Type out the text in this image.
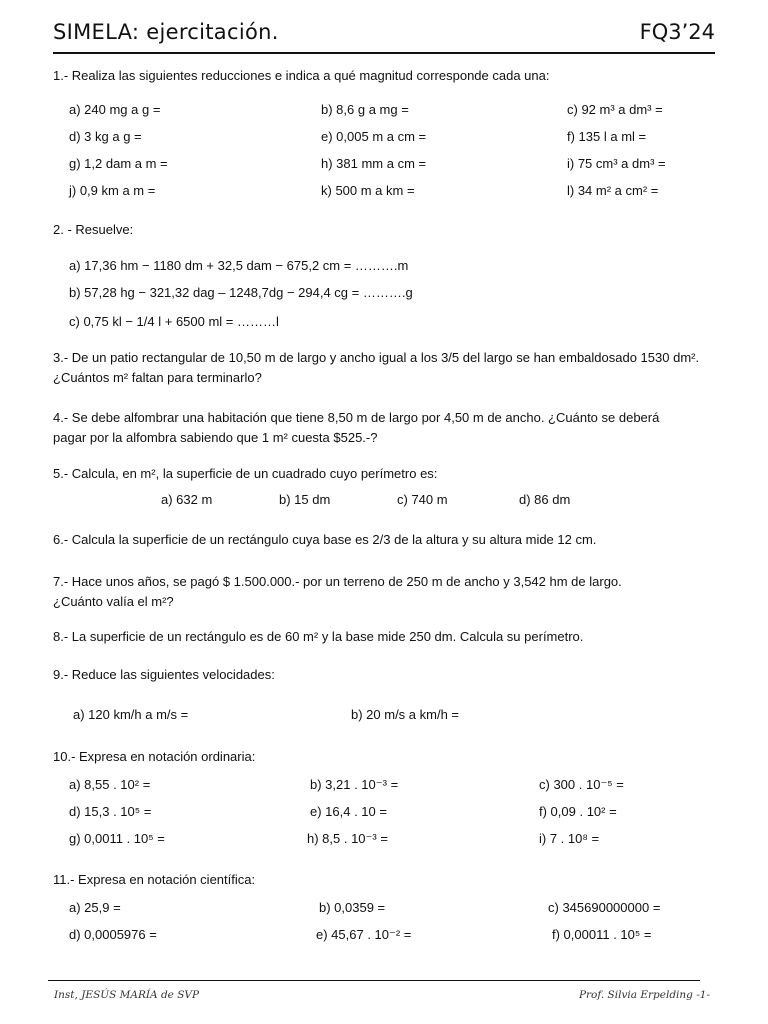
SIMELA: ejercitación.	FQ3’24
1.- Realiza las siguientes reducciones e indica a qué magnitud corresponde cada una:
a) 240 mg a g =	b) 8,6 g a mg =	c) 92 m³ a dm³ =
d) 3 kg a g =	e) 0,005 m a cm =	f) 135 l a ml =
g) 1,2 dam a m =	h) 381 mm a cm =	i) 75 cm³ a dm³ =
j) 0,9 km a m =	k) 500 m a km =	l) 34 m² a cm² =
2. - Resuelve:
a) 17,36 hm − 1180 dm + 32,5 dam − 675,2 cm = ……….m
b) 57,28 hg − 321,32 dag – 1248,7dg − 294,4 cg = ……….g
c) 0,75 kl − 1/4 l + 6500 ml = ………l
3.- De un patio rectangular de 10,50 m de largo y ancho igual a los 3/5 del largo se han embaldosado 1530 dm².
¿Cuántos m² faltan para terminarlo?
4.- Se debe alfombrar una habitación que tiene 8,50 m de largo por 4,50 m de ancho. ¿Cuánto se deberá
pagar por la alfombra sabiendo que 1 m² cuesta $525.-?
5.- Calcula, en m², la superficie de un cuadrado cuyo perímetro es:
a) 632 m	b) 15 dm	c) 740 m	d) 86 dm
6.- Calcula la superficie de un rectángulo cuya base es 2/3 de la altura y su altura mide 12 cm.
7.- Hace unos años, se pagó $ 1.500.000.- por un terreno de 250 m de ancho y 3,542 hm de largo.
¿Cuánto valía el m²?
8.- La superficie de un rectángulo es de 60 m² y la base mide 250 dm. Calcula su perímetro.
9.- Reduce las siguientes velocidades:
a) 120 km/h a m/s =	b) 20 m/s a km/h =
10.- Expresa en notación ordinaria:
a) 8,55 . 10² =	b) 3,21 . 10⁻³ =	c) 300 . 10⁻⁵ =
d) 15,3 . 10⁵ =	e) 16,4 . 10 =	f) 0,09 . 10² =
g) 0,0011 . 10⁵ =	h) 8,5 . 10⁻³ =	i) 7 . 10⁸ =
11.- Expresa en notación científica:
a) 25,9 =	b) 0,0359 =	c) 345690000000 =
d) 0,0005976 =	e) 45,67 . 10⁻² =	f) 0,00011 . 10⁵ =
Inst, JESÚS MARÍA de SVP	Prof. Silvia Erpelding -1-
